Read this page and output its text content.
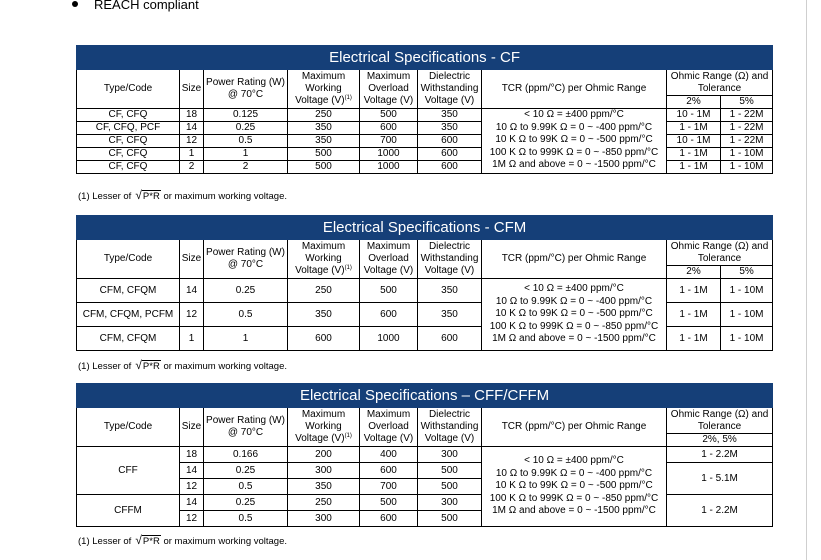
REACH compliant
Electrical Specifications - CF								
Type/Code	Size	Power Rating (W)
@ 70°C	Maximum
Working
Voltage $(V)^{(1)}$	Maximum
Overload
Voltage (V)	Dielectric
Withstanding
Voltage (V)	TCR (ppm/°C) per Ohmic Range	Ohmic Range (Ω) and
Tolerance	

							2%	5%
CF, CFQ	18	0.125	250	500	350	< 10 Ω = ±400 ppm/°C
10 Ω to 9.99K Ω = 0 ~ -400 ppm/°C
10 K Ω to 99K Ω = 0 ~ -500 ppm/°C
100 K Ω to 999K Ω = 0 ~ -850 ppm/°C
1M Ω and above = 0 ~ -1500 ppm/°C	10 - 1M	1 - 22M
CF, CFQ, PCF	14	0.25	350	600	350		1 - 1M	1 - 22M
CF, CFQ	12	0.5	350	700	600		10 - 1M	1 - 22M
CF, CFQ	1	1	500	1000	600		1 - 1M	1 - 10M
CF, CFQ	2	2	500	1000	600		1 - 1M	1 - 10M
(1) Lesser of √P*R or maximum working voltage.
Electrical Specifications - CFM								
Type/Code	Size	Power Rating (W)
@ 70°C	Maximum
Working
Voltage $(V)^{(1)}$	Maximum
Overload
Voltage (V)	Dielectric
Withstanding
Voltage (V)	TCR (ppm/°C) per Ohmic Range	Ohmic Range (Ω) and
Tolerance	

							2%	5%
CFM, CFQM	14	0.25	250	500	350	< 10 Ω = ±400 ppm/°C
10 Ω to 9.99K Ω = 0 ~ -400 ppm/°C
10 K Ω to 99K Ω = 0 ~ -500 ppm/°C
100 K Ω to 999K Ω = 0 ~ -850 ppm/°C
1M Ω and above = 0 ~ -1500 ppm/°C	1 - 1M	1 - 10M
CFM, CFQM, PCFM	12	0.5	350	600	350		1 - 1M	1 - 10M
CFM, CFQM	1	1	600	1000	600		1 - 1M	1 - 10M
(1) Lesser of √P*R or maximum working voltage.
Electrical Specifications – CFF/CFFM							
Type/Code	Size	Power Rating (W)
@ 70°C	Maximum
Working
Voltage $(V)^{(1)}$	Maximum
Overload
Voltage (V)	Dielectric
Withstanding
Voltage (V)	TCR (ppm/°C) per Ohmic Range	Ohmic Range (Ω) and
Tolerance

							2%, 5%
CFF	18	0.166	200	400	300	< 10 Ω = ±400 ppm/°C
10 Ω to 9.99K Ω = 0 ~ -400 ppm/°C
10 K Ω to 99K Ω = 0 ~ -500 ppm/°C
100 K Ω to 999K Ω = 0 ~ -850 ppm/°C
1M Ω and above = 0 ~ -1500 ppm/°C	1 - 2.2M
	14	0.25	300	600	500		1 - 5.1M
	12	0.5	350	700	500		
CFFM	14	0.25	250	500	300		1 - 2.2M
	12	0.5	300	600	500		
(1) Lesser of √P*R or maximum working voltage.
